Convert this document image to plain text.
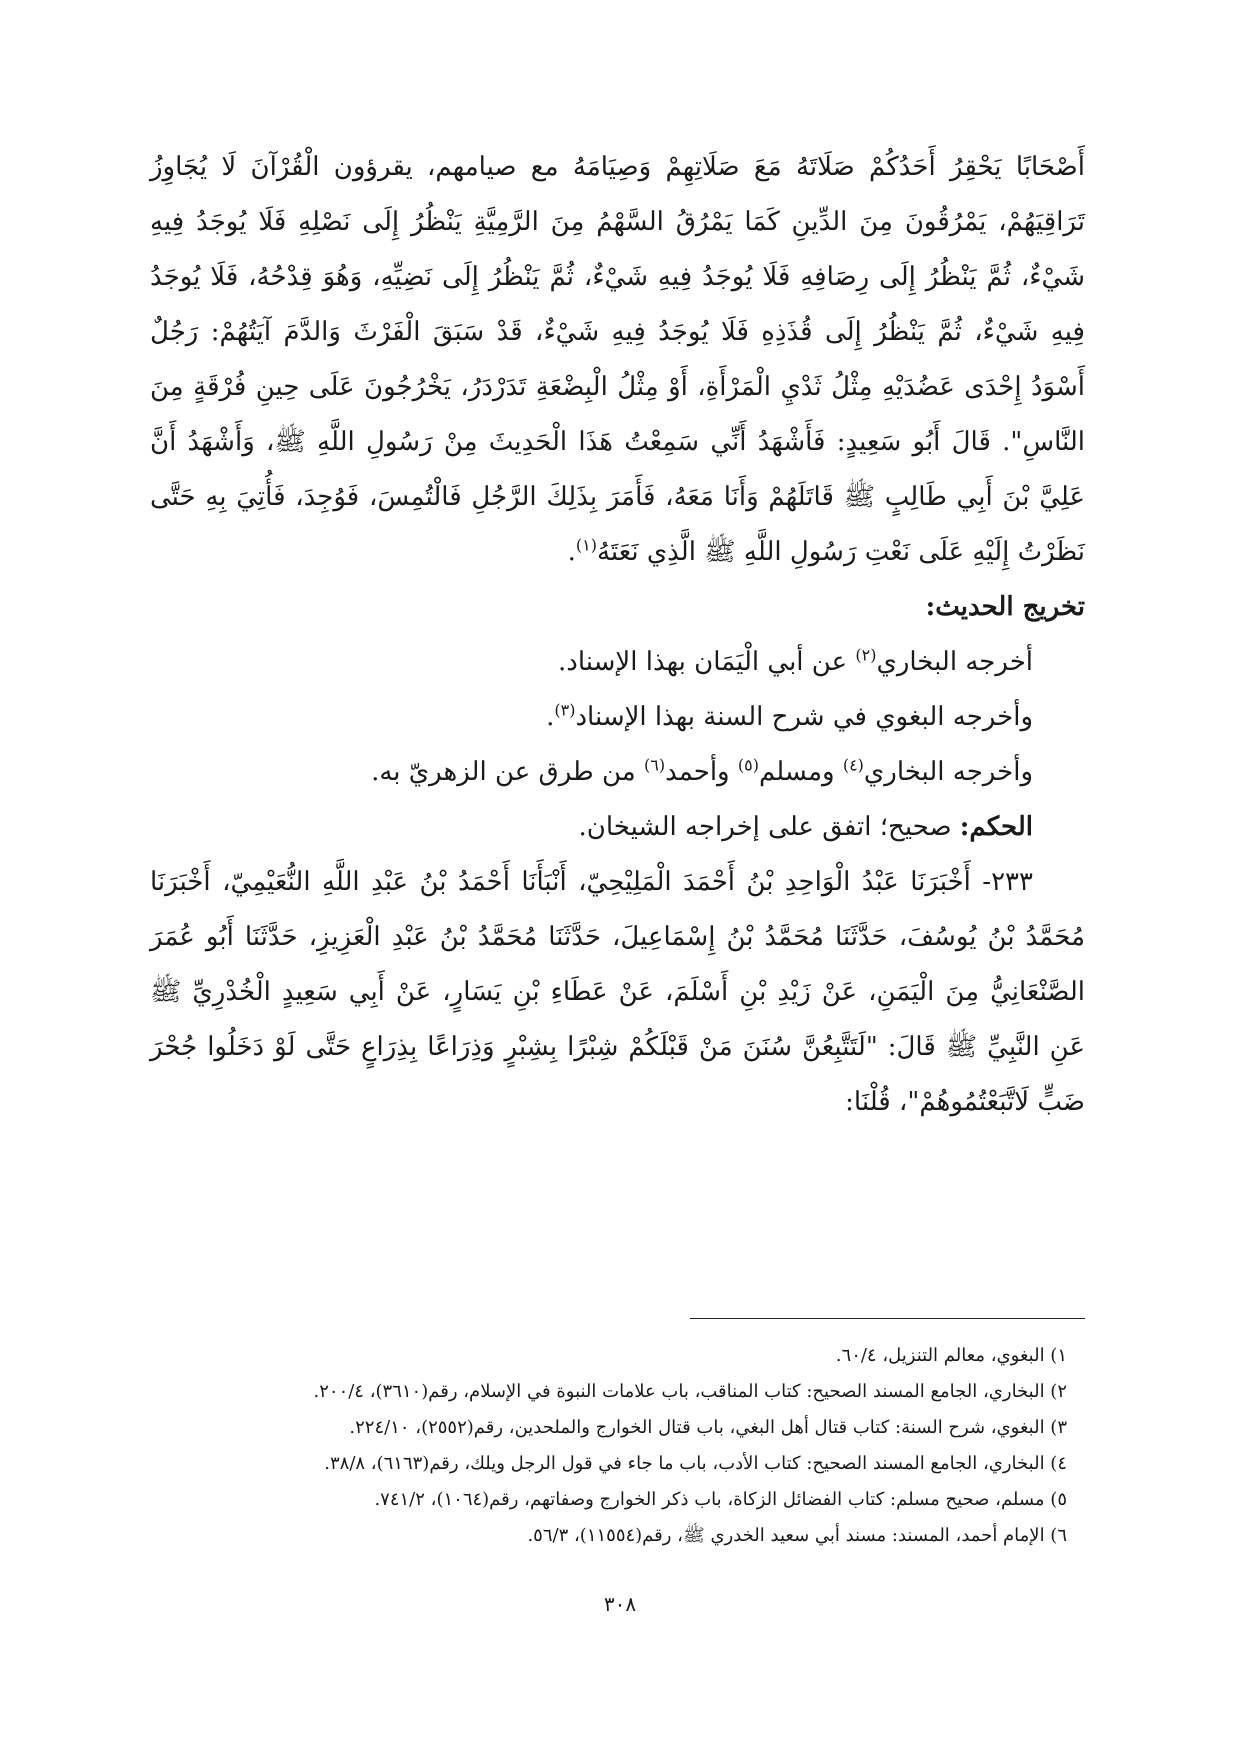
أَصْحَابًا يَحْقِرُ أَحَدُكُمْ صَلَاتَهُ مَعَ صَلَاتِهِمْ وَصِيَامَهُ مع صيامهم، يقرؤون الْقُرْآنَ لَا يُجَاوِزُ تَرَاقِيَهُمْ، يَمْرُقُونَ مِنَ الدِّينِ كَمَا يَمْرُقُ السَّهْمُ مِنَ الرَّمِيَّةِ يَنْظُرُ إِلَى نَصْلِهِ فَلَا يُوجَدُ فِيهِ شَيْءٌ، ثُمَّ يَنْظُرُ إِلَى رِصَافِهِ فَلَا يُوجَدُ فِيهِ شَيْءٌ، ثُمَّ يَنْظُرُ إِلَى نَضِيِّهِ، وَهُوَ قِدْحُهُ، فَلَا يُوجَدُ فِيهِ شَيْءٌ، ثُمَّ يَنْظُرُ إِلَى قُذَذِهِ فَلَا يُوجَدُ فِيهِ شَيْءٌ، قَدْ سَبَقَ الْفَرْثَ وَالدَّمَ آيَتُهُمْ: رَجُلٌ أَسْوَدُ إِحْدَى عَضُدَيْهِ مِثْلُ ثَدْيِ الْمَرْأَةِ، أَوْ مِثْلُ الْبِضْعَةِ تَدَرْدَرُ، يَخْرُجُونَ عَلَى حِينِ فُرْقَةٍ مِنَ النَّاسِ". قَالَ أَبُو سَعِيدٍ: فَأَشْهَدُ أَنِّي سَمِعْتُ هَذَا الْحَدِيثَ مِنْ رَسُولِ اللَّهِ ﷺ، وَأَشْهَدُ أَنَّ عَلِيَّ بْنَ أَبِي طَالِبٍ ﷺ قَاتَلَهُمْ وَأَنَا مَعَهُ، فَأَمَرَ بِذَلِكَ الرَّجُلِ فَالْتُمِسَ، فَوُجِدَ، فَأُتِيَ بِهِ حَتَّى نَظَرْتُ إِلَيْهِ عَلَى نَعْتِ رَسُولِ اللَّهِ ﷺ الَّذِي نَعَتَهُ$^{(١)}$.

تخريج الحديث:

أخرجه البخاري$^{(٢)}$ عن أبي الْيَمَان بهذا الإسناد.

وأخرجه البغوي في شرح السنة بهذا الإسناد$^{(٣)}$.

وأخرجه البخاري$^{(٤)}$ ومسلم$^{(٥)}$ وأحمد$^{(٦)}$ من طرق عن الزهريّ به.

الحكم: صحيح؛ اتفق على إخراجه الشيخان.

٢٣٣- أَخْبَرَنَا عَبْدُ الْوَاحِدِ بْنُ أَحْمَدَ الْمَلِيْحِيّ، أَنْبَأَنَا أَحْمَدُ بْنُ عَبْدِ اللَّهِ النُّعَيْمِيّ، أَخْبَرَنَا مُحَمَّدُ بْنُ يُوسُفَ، حَدَّثَنَا مُحَمَّدُ بْنُ إِسْمَاعِيلَ، حَدَّثَنَا مُحَمَّدُ بْنُ عَبْدِ الْعَزِيزِ، حَدَّثَنَا أَبُو عُمَرَ الصَّنْعَانِيُّ مِنَ الْيَمَنِ، عَنْ زَيْدِ بْنِ أَسْلَمَ، عَنْ عَطَاءِ بْنِ يَسَارٍ، عَنْ أَبِي سَعِيدٍ الْخُدْرِيِّ ﷺ عَنِ النَّبِيِّ ﷺ قَالَ: "لَتَتَّبِعُنَّ سُنَنَ مَنْ قَبْلَكُمْ شِبْرًا بِشِبْرٍ وَذِرَاعًا بِذِرَاعٍ حَتَّى لَوْ دَخَلُوا جُحْرَ ضَبٍّ لَاتَّبَعْتُمُوهُمْ"، قُلْنَا:

١) البغوي، معالم التنزيل، ٦٠/٤.

٢) البخاري، الجامع المسند الصحيح: كتاب المناقب، باب علامات النبوة في الإسلام، رقم(٣٦١٠)، ٢٠٠/٤.

٣) البغوي، شرح السنة: كتاب قتال أهل البغي، باب قتال الخوارج والملحدين، رقم(٢٥٥٢)، ٢٢٤/١٠.

٤) البخاري، الجامع المسند الصحيح: كتاب الأدب، باب ما جاء في قول الرجل ويلك، رقم(٦١٦٣)، ٣٨/٨.

٥) مسلم، صحيح مسلم: كتاب الفضائل الزكاة، باب ذكر الخوارج وصفاتهم، رقم(١٠٦٤)، ٧٤١/٢.

٦) الإمام أحمد، المسند: مسند أبي سعيد الخدري ﷺ، رقم(١١٥٥٤)، ٥٦/٣.

٣٠٨
